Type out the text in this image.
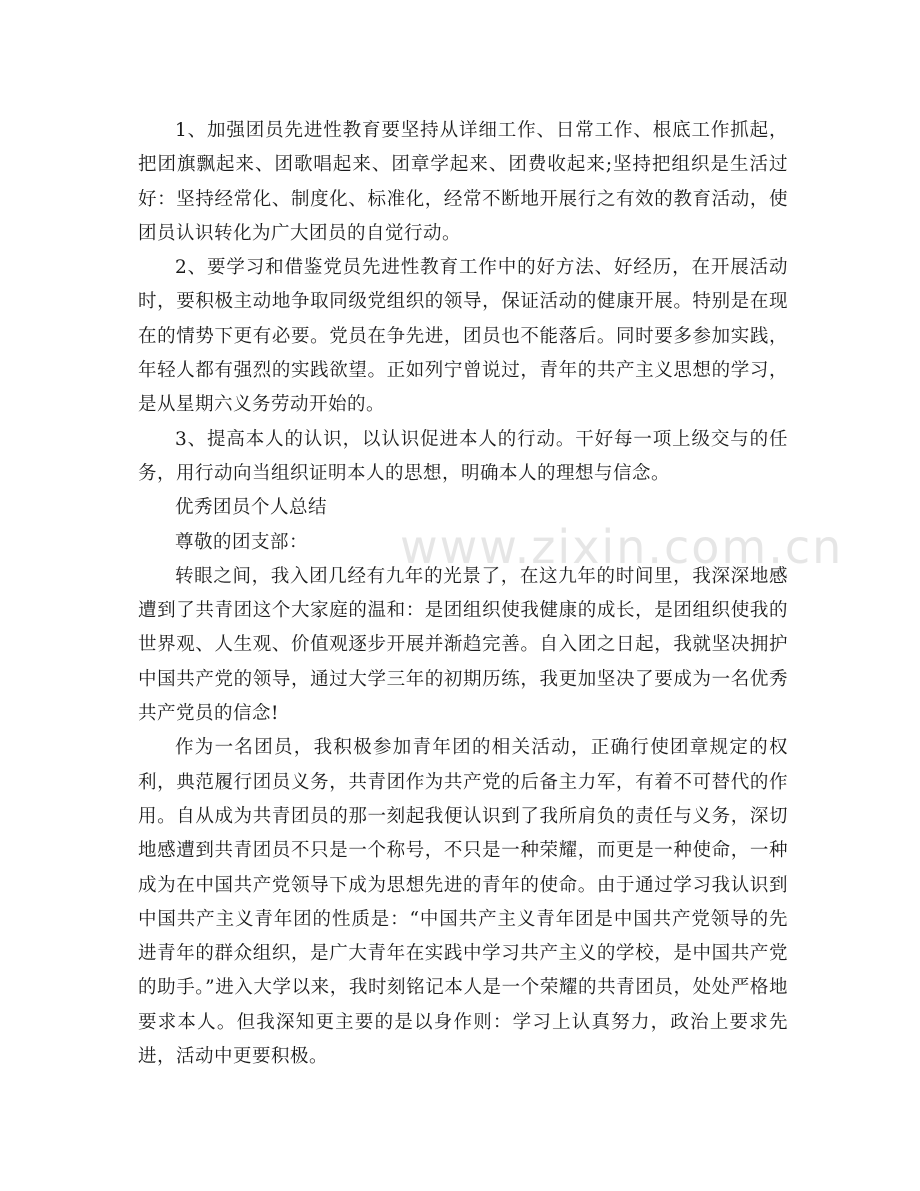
www.zixin.com.cn

1、加强团员先进性教育要坚持从详细工作、日常工作、根底工作抓起，把团旗飘起来、团歌唱起来、团章学起来、团费收起来;坚持把组织是生活过好：坚持经常化、制度化、标准化，经常不断地开展行之有效的教育活动，使团员认识转化为广大团员的自觉行动。

2、要学习和借鉴党员先进性教育工作中的好方法、好经历，在开展活动时，要积极主动地争取同级党组织的领导，保证活动的健康开展。特别是在现在的情势下更有必要。党员在争先进，团员也不能落后。同时要多参加实践，年轻人都有强烈的实践欲望。正如列宁曾说过，青年的共产主义思想的学习，是从星期六义务劳动开始的。

3、提高本人的认识，以认识促进本人的行动。干好每一项上级交与的任务，用行动向当组织证明本人的思想，明确本人的理想与信念。

优秀团员个人总结

尊敬的团支部：

转眼之间，我入团几经有九年的光景了，在这九年的时间里，我深深地感遭到了共青团这个大家庭的温和：是团组织使我健康的成长，是团组织使我的世界观、人生观、价值观逐步开展并渐趋完善。自入团之日起，我就坚决拥护中国共产党的领导，通过大学三年的初期历练，我更加坚决了要成为一名优秀共产党员的信念!

作为一名团员，我积极参加青年团的相关活动，正确行使团章规定的权利，典范履行团员义务，共青团作为共产党的后备主力军，有着不可替代的作用。自从成为共青团员的那一刻起我便认识到了我所肩负的责任与义务，深切地感遭到共青团员不只是一个称号，不只是一种荣耀，而更是一种使命，一种成为在中国共产党领导下成为思想先进的青年的使命。由于通过学习我认识到中国共产主义青年团的性质是：“中国共产主义青年团是中国共产党领导的先进青年的群众组织，是广大青年在实践中学习共产主义的学校，是中国共产党的助手。”进入大学以来，我时刻铭记本人是一个荣耀的共青团员，处处严格地要求本人。但我深知更主要的是以身作则：学习上认真努力，政治上要求先进，活动中更要积极。
